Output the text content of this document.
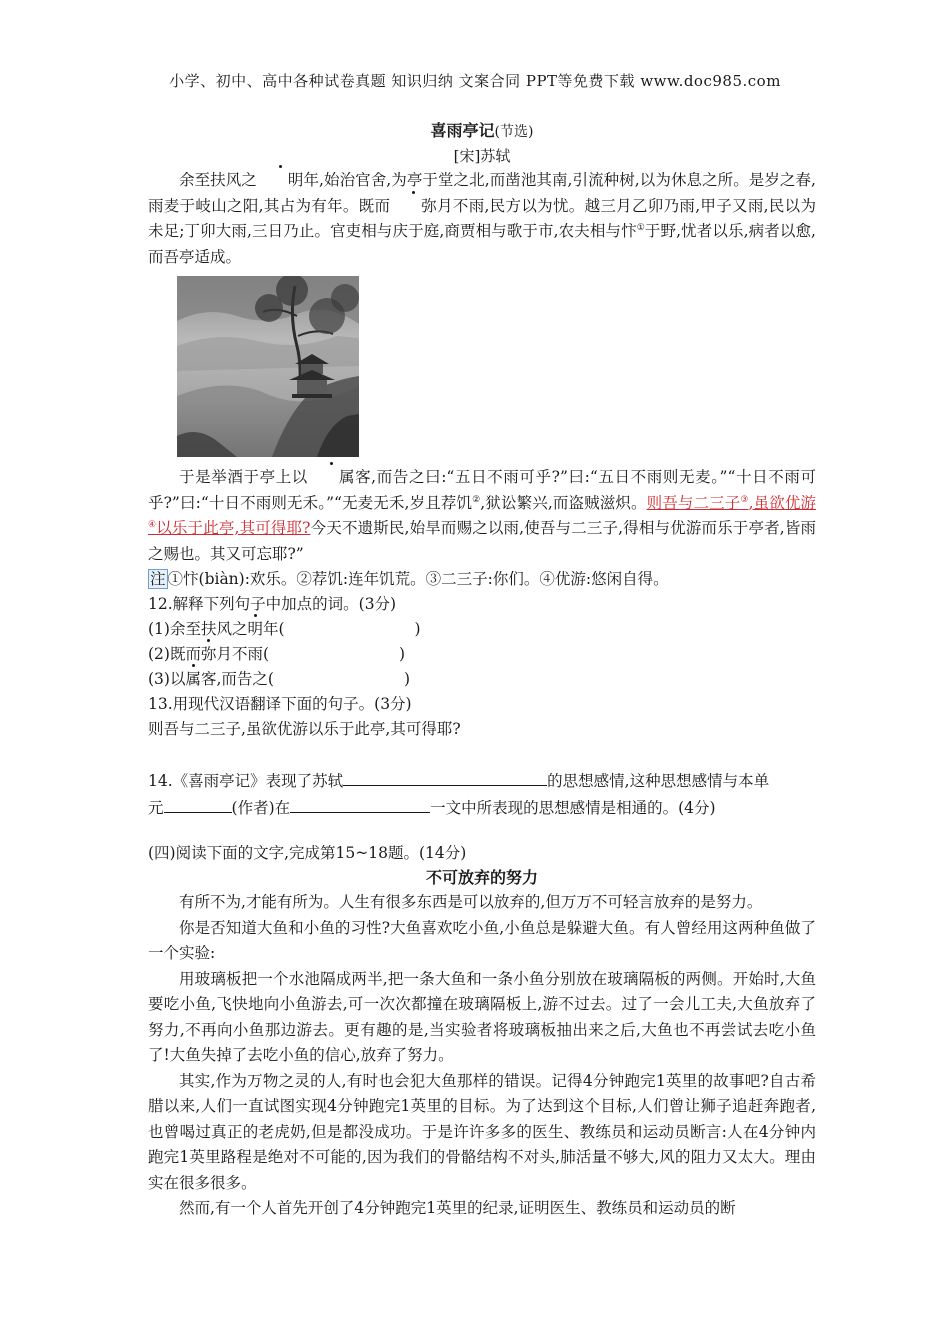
小学、初中、高中各种试卷真题 知识归纳 文案合同 PPT等免费下载 www.doc985.com
喜雨亭记(节选)
[宋]苏轼

余至扶风之 明年,始治官舍,为亭于堂之北,而凿池其南,引流种树,以为休息之所。是岁之春,雨麦于岐山之阳,其占为有年。既而 弥月不雨,民方以为忧。越三月乙卯乃雨,甲子又雨,民以为未足;丁卯大雨,三日乃止。官吏相与庆于庭,商贾相与歌于市,农夫相与忭①于野,忧者以乐,病者以愈,而吾亭适成。

于是举酒于亭上以 属客,而告之曰:“五日不雨可乎?”曰:“五日不雨则无麦。”“十日不雨可乎?”曰:“十日不雨则无禾。”“无麦无禾,岁且荐饥②,狱讼繁兴,而盗贼滋炽。则吾与二三子③,虽欲优游④以乐于此亭,其可得耶?今天不遗斯民,始旱而赐之以雨,使吾与二三子,得相与优游而乐于亭者,皆雨之赐也。其又可忘耶?”

注 ①忭(biàn):欢乐。②荐饥:连年饥荒。③二三子:你们。④优游:悠闲自得。

12.解释下列句子中加点的词。(3分)

(1)余至扶风之明年(	)

(2)既而弥月不雨(	)

(3)以属客,而告之(	)

13.用现代汉语翻译下面的句子。(3分)

则吾与二三子,虽欲优游以乐于此亭,其可得耶?

14.《喜雨亭记》表现了苏轼	的思想感情,这种思想感情与本单

元	(作者)在	一文中所表现的思想感情是相通的。(4分)

(四)阅读下面的文字,完成第15~18题。(14分)

不可放弃的努力

有所不为,才能有所为。人生有很多东西是可以放弃的,但万万不可轻言放弃的是努力。

你是否知道大鱼和小鱼的习性?大鱼喜欢吃小鱼,小鱼总是躲避大鱼。有人曾经用这两种鱼做了一个实验:

用玻璃板把一个水池隔成两半,把一条大鱼和一条小鱼分别放在玻璃隔板的两侧。开始时,大鱼要吃小鱼,飞快地向小鱼游去,可一次次都撞在玻璃隔板上,游不过去。过了一会儿工夫,大鱼放弃了努力,不再向小鱼那边游去。更有趣的是,当实验者将玻璃板抽出来之后,大鱼也不再尝试去吃小鱼了!大鱼失掉了去吃小鱼的信心,放弃了努力。

其实,作为万物之灵的人,有时也会犯大鱼那样的错误。记得4分钟跑完1英里的故事吧?自古希腊以来,人们一直试图实现4分钟跑完1英里的目标。为了达到这个目标,人们曾让狮子追赶奔跑者,也曾喝过真正的老虎奶,但是都没成功。于是许许多多的医生、教练员和运动员断言:人在4分钟内跑完1英里路程是绝对不可能的,因为我们的骨骼结构不对头,肺活量不够大,风的阻力又太大。理由实在很多很多。

然而,有一个人首先开创了4分钟跑完1英里的纪录,证明医生、教练员和运动员的断
